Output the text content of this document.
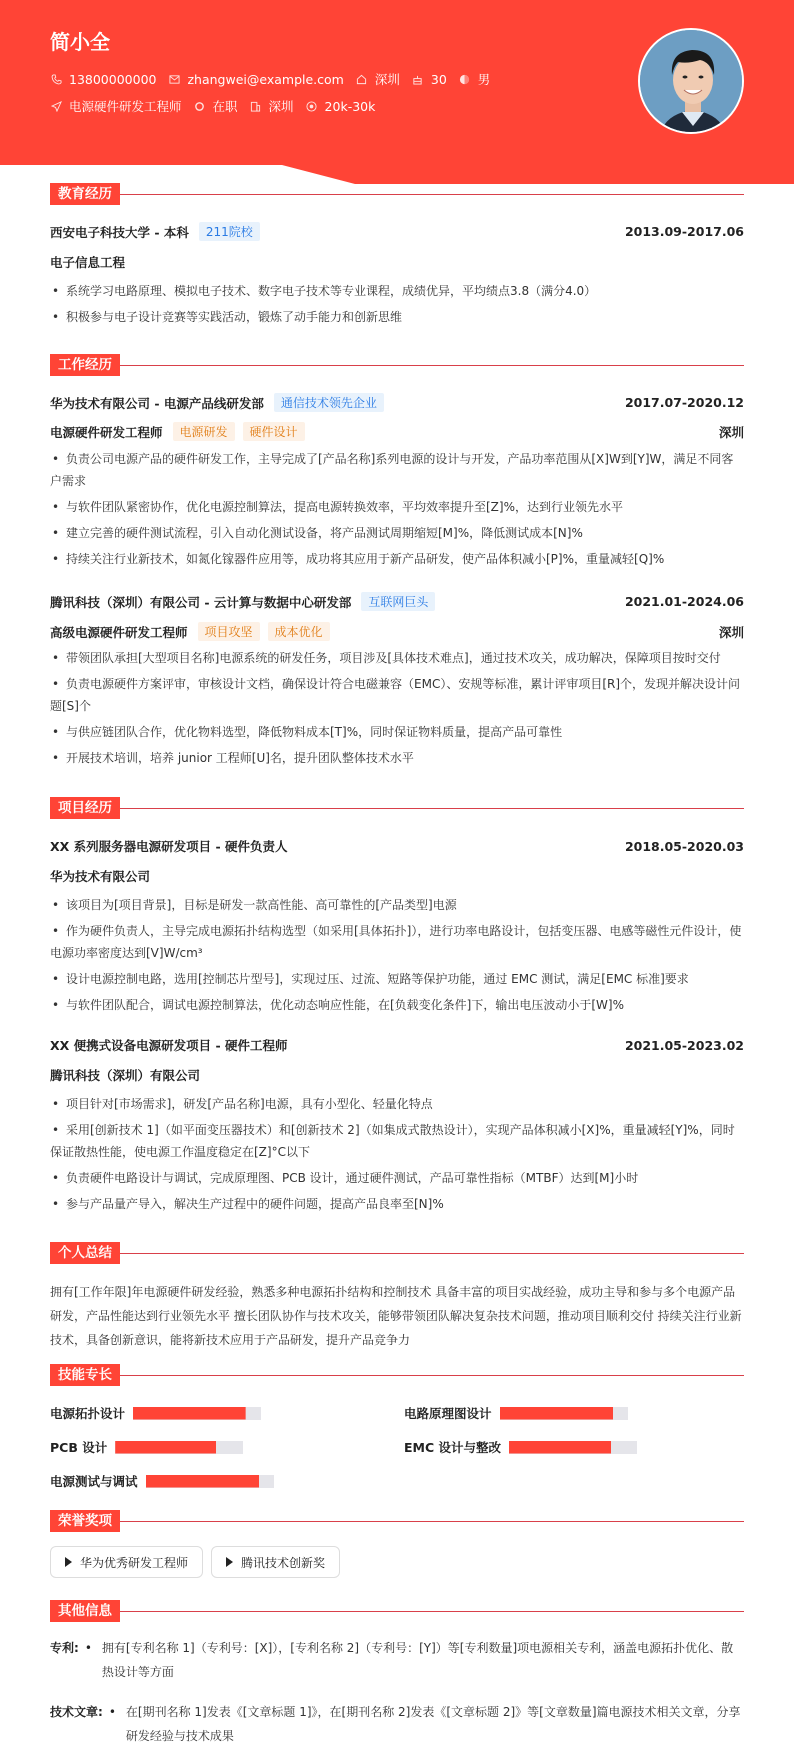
简小全
13800000000 zhangwei@example.com 深圳 30 男
电源硬件研发工程师 在职 深圳 20k-30k
教育经历
西安电子科技大学 - 本科	211院校	2013.09-2017.06
电子信息工程
• 系统学习电路原理、模拟电子技术、数字电子技术等专业课程，成绩优异，平均绩点3.8（满分4.0）
• 积极参与电子设计竞赛等实践活动，锻炼了动手能力和创新思维
工作经历
华为技术有限公司 - 电源产品线研发部	通信技术领先企业	2017.07-2020.12
电源硬件研发工程师	电源研发	硬件设计	深圳
• 负责公司电源产品的硬件研发工作，主导完成了[产品名称]系列电源的设计与开发，产品功率范围从[X]W到[Y]W，满足不同客户需求
• 与软件团队紧密协作，优化电源控制算法，提高电源转换效率，平均效率提升至[Z]%，达到行业领先水平
• 建立完善的硬件测试流程，引入自动化测试设备，将产品测试周期缩短[M]%，降低测试成本[N]%
• 持续关注行业新技术，如氮化镓器件应用等，成功将其应用于新产品研发，使产品体积减小[P]%，重量减轻[Q]%
腾讯科技（深圳）有限公司 - 云计算与数据中心研发部	互联网巨头	2021.01-2024.06
高级电源硬件研发工程师	项目攻坚	成本优化	深圳
• 带领团队承担[大型项目名称]电源系统的研发任务，项目涉及[具体技术难点]，通过技术攻关，成功解决，保障项目按时交付
• 负责电源硬件方案评审，审核设计文档，确保设计符合电磁兼容（EMC）、安规等标准，累计评审项目[R]个，发现并解决设计问题[S]个
• 与供应链团队合作，优化物料选型，降低物料成本[T]%，同时保证物料质量，提高产品可靠性
• 开展技术培训，培养 junior 工程师[U]名，提升团队整体技术水平
项目经历
XX 系列服务器电源研发项目 - 硬件负责人	2018.05-2020.03
华为技术有限公司
• 该项目为[项目背景]，目标是研发一款高性能、高可靠性的[产品类型]电源
• 作为硬件负责人，主导完成电源拓扑结构选型（如采用[具体拓扑]），进行功率电路设计，包括变压器、电感等磁性元件设计，使电源功率密度达到[V]W/cm³
• 设计电源控制电路，选用[控制芯片型号]，实现过压、过流、短路等保护功能，通过 EMC 测试，满足[EMC 标准]要求
• 与软件团队配合，调试电源控制算法，优化动态响应性能，在[负载变化条件]下，输出电压波动小于[W]%
XX 便携式设备电源研发项目 - 硬件工程师	2021.05-2023.02
腾讯科技（深圳）有限公司
• 项目针对[市场需求]，研发[产品名称]电源，具有小型化、轻量化特点
• 采用[创新技术 1]（如平面变压器技术）和[创新技术 2]（如集成式散热设计），实现产品体积减小[X]%，重量减轻[Y]%，同时保证散热性能，使电源工作温度稳定在[Z]°C以下
• 负责硬件电路设计与调试，完成原理图、PCB 设计，通过硬件测试，产品可靠性指标（MTBF）达到[M]小时
• 参与产品量产导入，解决生产过程中的硬件问题，提高产品良率至[N]%
个人总结
拥有[工作年限]年电源硬件研发经验，熟悉多种电源拓扑结构和控制技术 具备丰富的项目实战经验，成功主导和参与多个电源产品研发，产品性能达到行业领先水平 擅长团队协作与技术攻关，能够带领团队解决复杂技术问题，推动项目顺利交付 持续关注行业新技术，具备创新意识，能将新技术应用于产品研发，提升产品竞争力
技能专长
电源拓扑设计	电路原理图设计
PCB 设计	EMC 设计与整改
电源测试与调试
荣誉奖项
华为优秀研发工程师	腾讯技术创新奖
其他信息
专利: • 拥有[专利名称 1]（专利号：[X]），[专利名称 2]（专利号：[Y]）等[专利数量]项电源相关专利，涵盖电源拓扑优化、散热设计等方面
技术文章: • 在[期刊名称 1]发表《[文章标题 1]》，在[期刊名称 2]发表《[文章标题 2]》等[文章数量]篇电源技术相关文章，分享研发经验与技术成果
